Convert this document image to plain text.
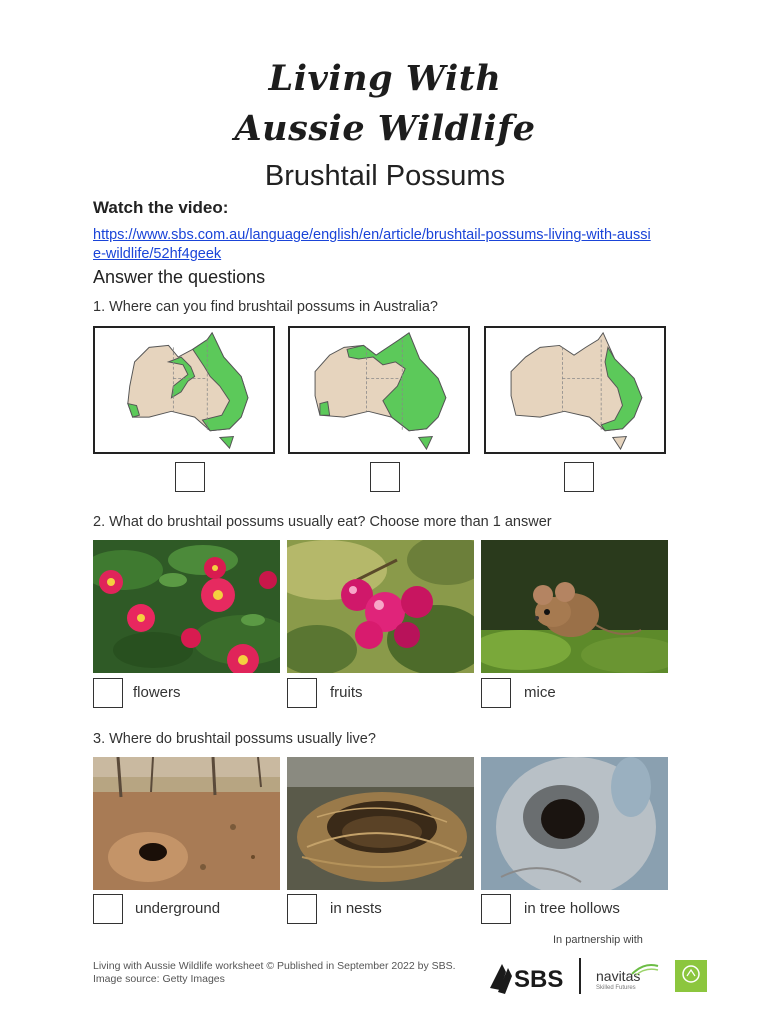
Living With
Aussie Wildlife
Brushtail Possums
Watch the video:
https://www.sbs.com.au/language/english/en/article/brushtail-possums-living-with-aussie-wildlife/52hf4geek
Answer the questions
1. Where can you find brushtail possums in Australia?
2. What do brushtail possums usually eat? Choose more than 1 answer
flowers	fruits	mice
3. Where do brushtail possums usually live?
underground	in nests	in tree hollows
In partnership with
Living with Aussie Wildlife worksheet © Published in September 2022 by SBS.
Image source: Getty Images	SBS navitas
Skilled Futures
